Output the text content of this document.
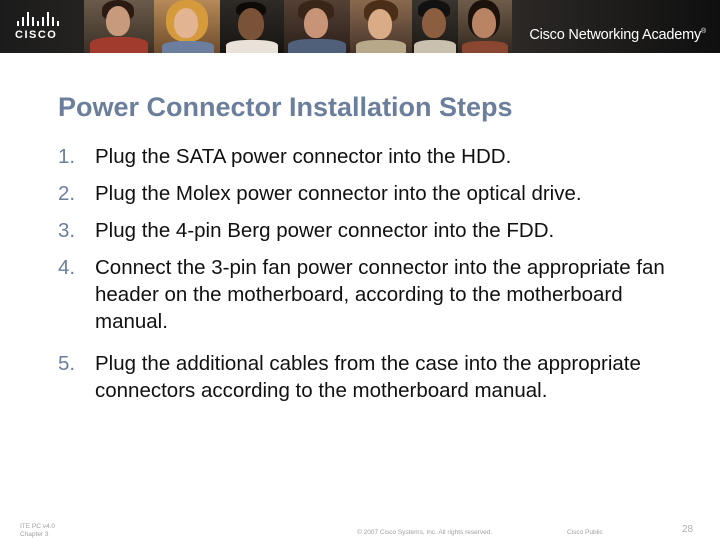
CISCO	Cisco Networking Academy®
Power Connector Installation Steps
1. Plug the SATA power connector into the HDD.
2. Plug the Molex power connector into the optical drive.
3. Plug the 4-pin Berg power connector into the FDD.
4. Connect the 3-pin fan power connector into the appropriate fan header on the motherboard, according to the motherboard manual.
5. Plug the additional cables from the case into the appropriate connectors according to the motherboard manual.
ITE PC v4.0
Chapter 3	© 2007 Cisco Systems, Inc. All rights reserved.	Cisco Public	28
